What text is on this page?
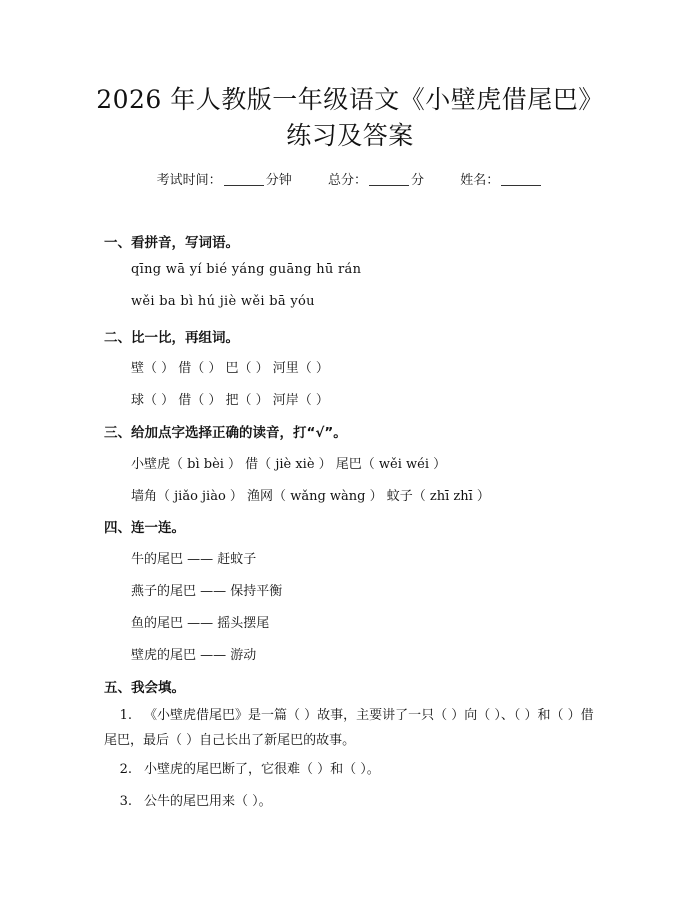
2026 年人教版一年级语文《小壁虎借尾巴》
练习及答案
考试时间：	分钟	总分：	分	姓名：
一、看拼音，写词语。
qīng wā yí bié yáng guāng hū rán
wěi ba bì hú jiè wěi bā yóu
二、比一比，再组词。
壁（ ） 借（ ） 巴（ ） 河里（ ）
球（ ） 借（ ） 把（ ） 河岸（ ）
三、给加点字选择正确的读音，打“√”。
小壁虎（ bì bèi ） 借（ jiè xiè ） 尾巴（ wěi wéi ）
墙角（ jiǎo jiào ） 渔网（ wǎng wàng ） 蚊子（ zhī zhī ）
四、连一连。
牛的尾巴 —— 赶蚊子
燕子的尾巴 —— 保持平衡
鱼的尾巴 —— 摇头摆尾
壁虎的尾巴 —— 游动
五、我会填。
1. 《小壁虎借尾巴》是一篇（ ）故事，主要讲了一只（ ）向（ ）、（ ）和（ ）借尾巴，最后（ ）自己长出了新尾巴的故事。
2. 小壁虎的尾巴断了，它很难（ ）和（ ）。
3. 公牛的尾巴用来（ ）。
